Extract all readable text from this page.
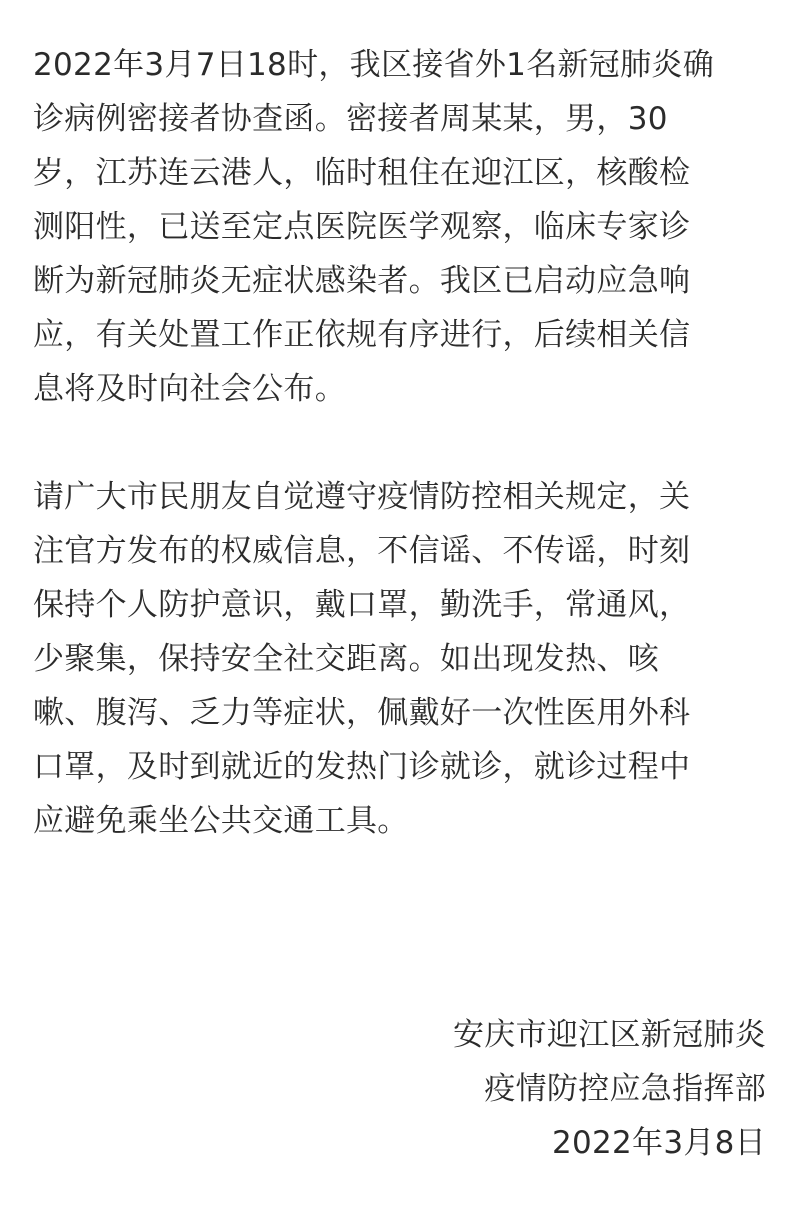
2022年3月7日18时，我区接省外1名新冠肺炎确
诊病例密接者协查函。密接者周某某，男，30
岁，江苏连云港人，临时租住在迎江区，核酸检
测阳性，已送至定点医院医学观察，临床专家诊
断为新冠肺炎无症状感染者。我区已启动应急响
应，有关处置工作正依规有序进行，后续相关信
息将及时向社会公布。
请广大市民朋友自觉遵守疫情防控相关规定，关
注官方发布的权威信息，不信谣、不传谣，时刻
保持个人防护意识，戴口罩，勤洗手，常通风，
少聚集，保持安全社交距离。如出现发热、咳
嗽、腹泻、乏力等症状，佩戴好一次性医用外科
口罩，及时到就近的发热门诊就诊，就诊过程中
应避免乘坐公共交通工具。
安庆市迎江区新冠肺炎
疫情防控应急指挥部
2022年3月8日
